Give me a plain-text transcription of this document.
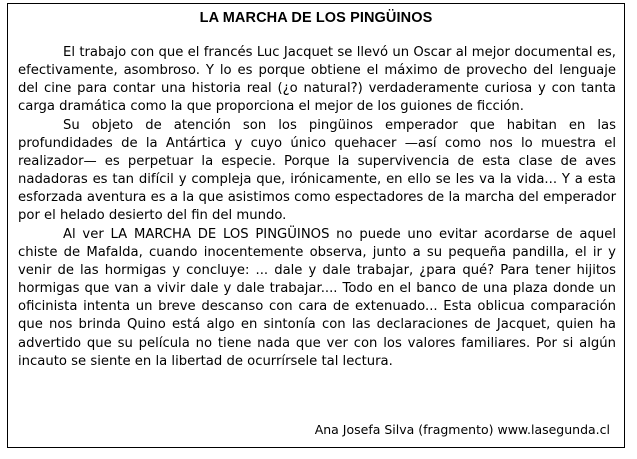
LA MARCHA DE LOS PINGÜINOS

El trabajo con que el francés Luc Jacquet se llevó un Oscar al mejor documental es, efectivamente, asombroso. Y lo es porque obtiene el máximo de provecho del lenguaje del cine para contar una historia real (¿o natural?) verdaderamente curiosa y con tanta carga dramática como la que proporciona el mejor de los guiones de ficción.

Su objeto de atención son los pingüinos emperador que habitan en las profundidades de la Antártica y cuyo único quehacer —así como nos lo muestra el realizador— es perpetuar la especie. Porque la supervivencia de esta clase de aves nadadoras es tan difícil y compleja que, irónicamente, en ello se les va la vida... Y a esta esforzada aventura es a la que asistimos como espectadores de la marcha del emperador por el helado desierto del fin del mundo.

Al ver LA MARCHA DE LOS PINGÜINOS no puede uno evitar acordarse de aquel chiste de Mafalda, cuando inocentemente observa, junto a su pequeña pandilla, el ir y venir de las hormigas y concluye: ... dale y dale trabajar, ¿para qué? Para tener hijitos hormigas que van a vivir dale y dale trabajar.... Todo en el banco de una plaza donde un oficinista intenta un breve descanso con cara de extenuado... Esta oblicua comparación que nos brinda Quino está algo en sintonía con las declaraciones de Jacquet, quien ha advertido que su película no tiene nada que ver con los valores familiares. Por si algún incauto se siente en la libertad de ocurrírsele tal lectura.

Ana Josefa Silva (fragmento) www.lasegunda.cl
